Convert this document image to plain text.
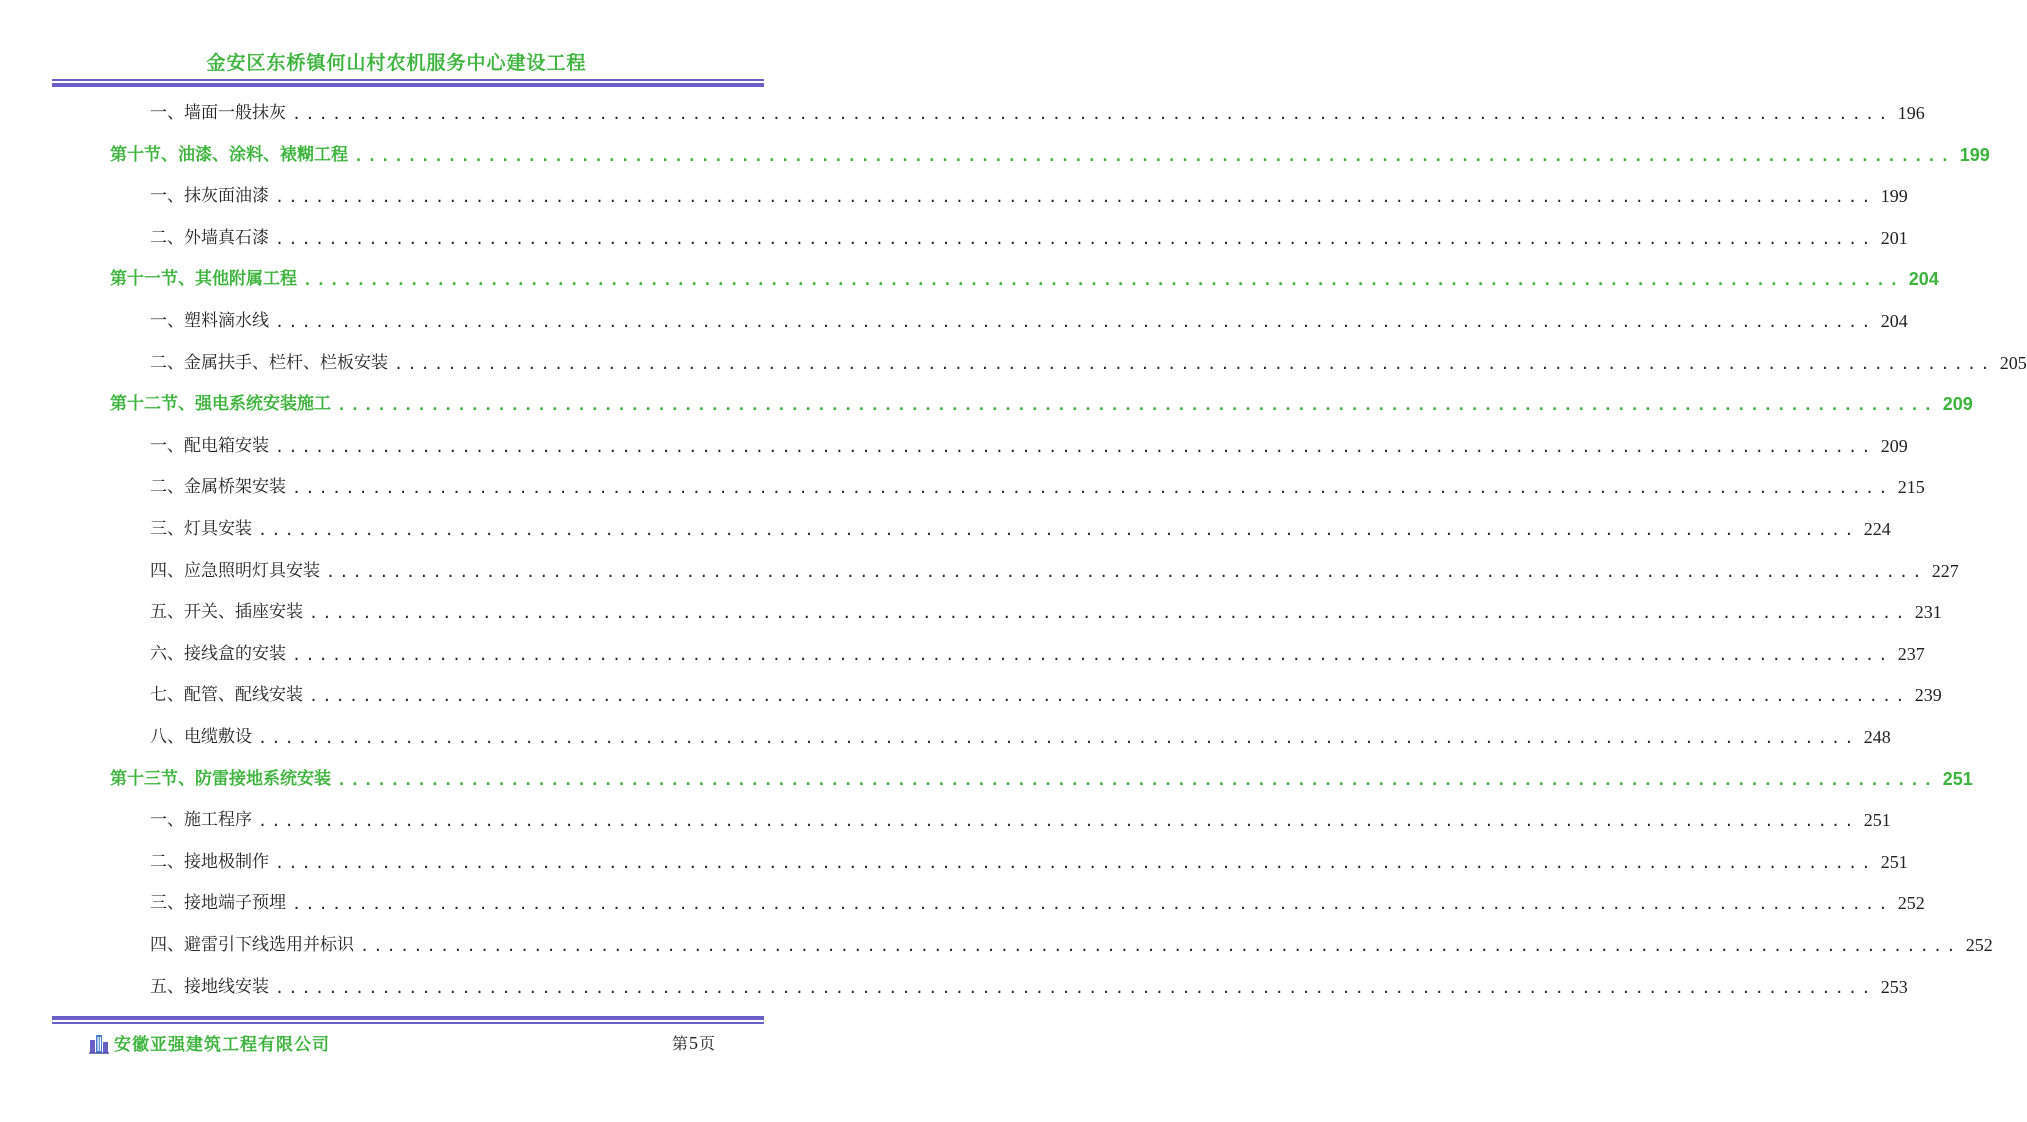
金安区东桥镇何山村农机服务中心建设工程
一、墙面一般抹灰 ........................................................................................................................ 196
第十节、油漆、涂料、裱糊工程 ........................................................................................................................ 199
一、抹灰面油漆 ........................................................................................................................ 199
二、外墙真石漆 ........................................................................................................................ 201
第十一节、其他附属工程 ........................................................................................................................ 204
一、塑料滴水线 ........................................................................................................................ 204
二、金属扶手、栏杆、栏板安装 ........................................................................................................................ 205
第十二节、强电系统安装施工 ........................................................................................................................ 209
一、配电箱安装 ........................................................................................................................ 209
二、金属桥架安装 ........................................................................................................................ 215
三、灯具安装 ........................................................................................................................ 224
四、应急照明灯具安装 ........................................................................................................................ 227
五、开关、插座安装 ........................................................................................................................ 231
六、接线盒的安装 ........................................................................................................................ 237
七、配管、配线安装 ........................................................................................................................ 239
八、电缆敷设 ........................................................................................................................ 248
第十三节、防雷接地系统安装 ........................................................................................................................ 251
一、施工程序 ........................................................................................................................ 251
二、接地极制作 ........................................................................................................................ 251
三、接地端子预埋 ........................................................................................................................ 252
四、避雷引下线选用并标识 ........................................................................................................................ 252
五、接地线安装 ........................................................................................................................ 253
安徽亚强建筑工程有限公司	第5页
